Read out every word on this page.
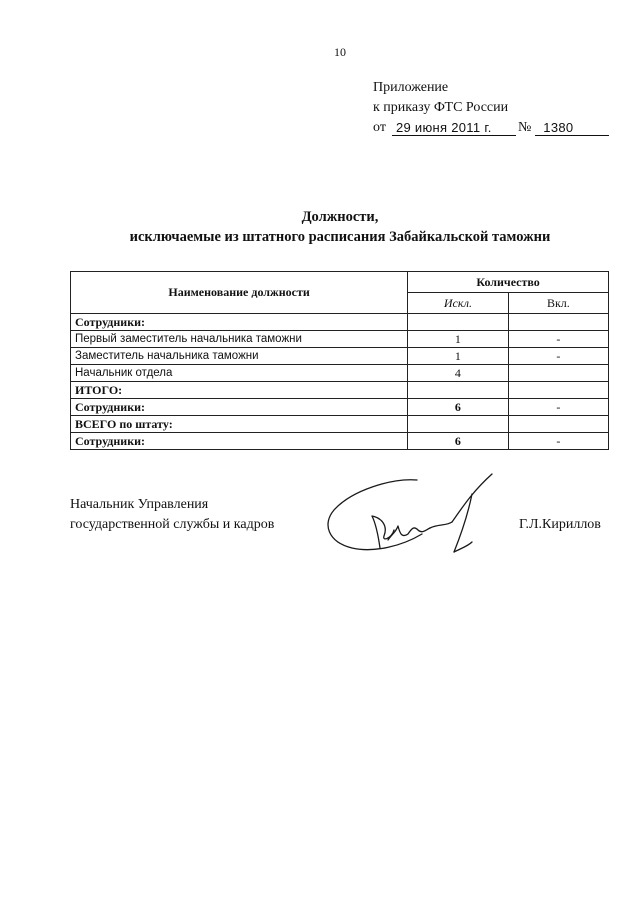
10
Приложение
к приказу ФТС России
от 29 июня 2011 г.	№ 1380
Должности,
исключаемые из штатного расписания Забайкальской таможни
Наименование должности	Количество	
	Искл.	Вкл.
Сотрудники:		
Первый заместитель начальника таможни	1	-
Заместитель начальника таможни	1	-
Начальник отдела	4	
ИТОГО:		
Сотрудники:	6	-
ВСЕГО по штату:		
Сотрудники:	6	-
Начальник Управления
государственной службы и кадров	Г.Л.Кириллов
